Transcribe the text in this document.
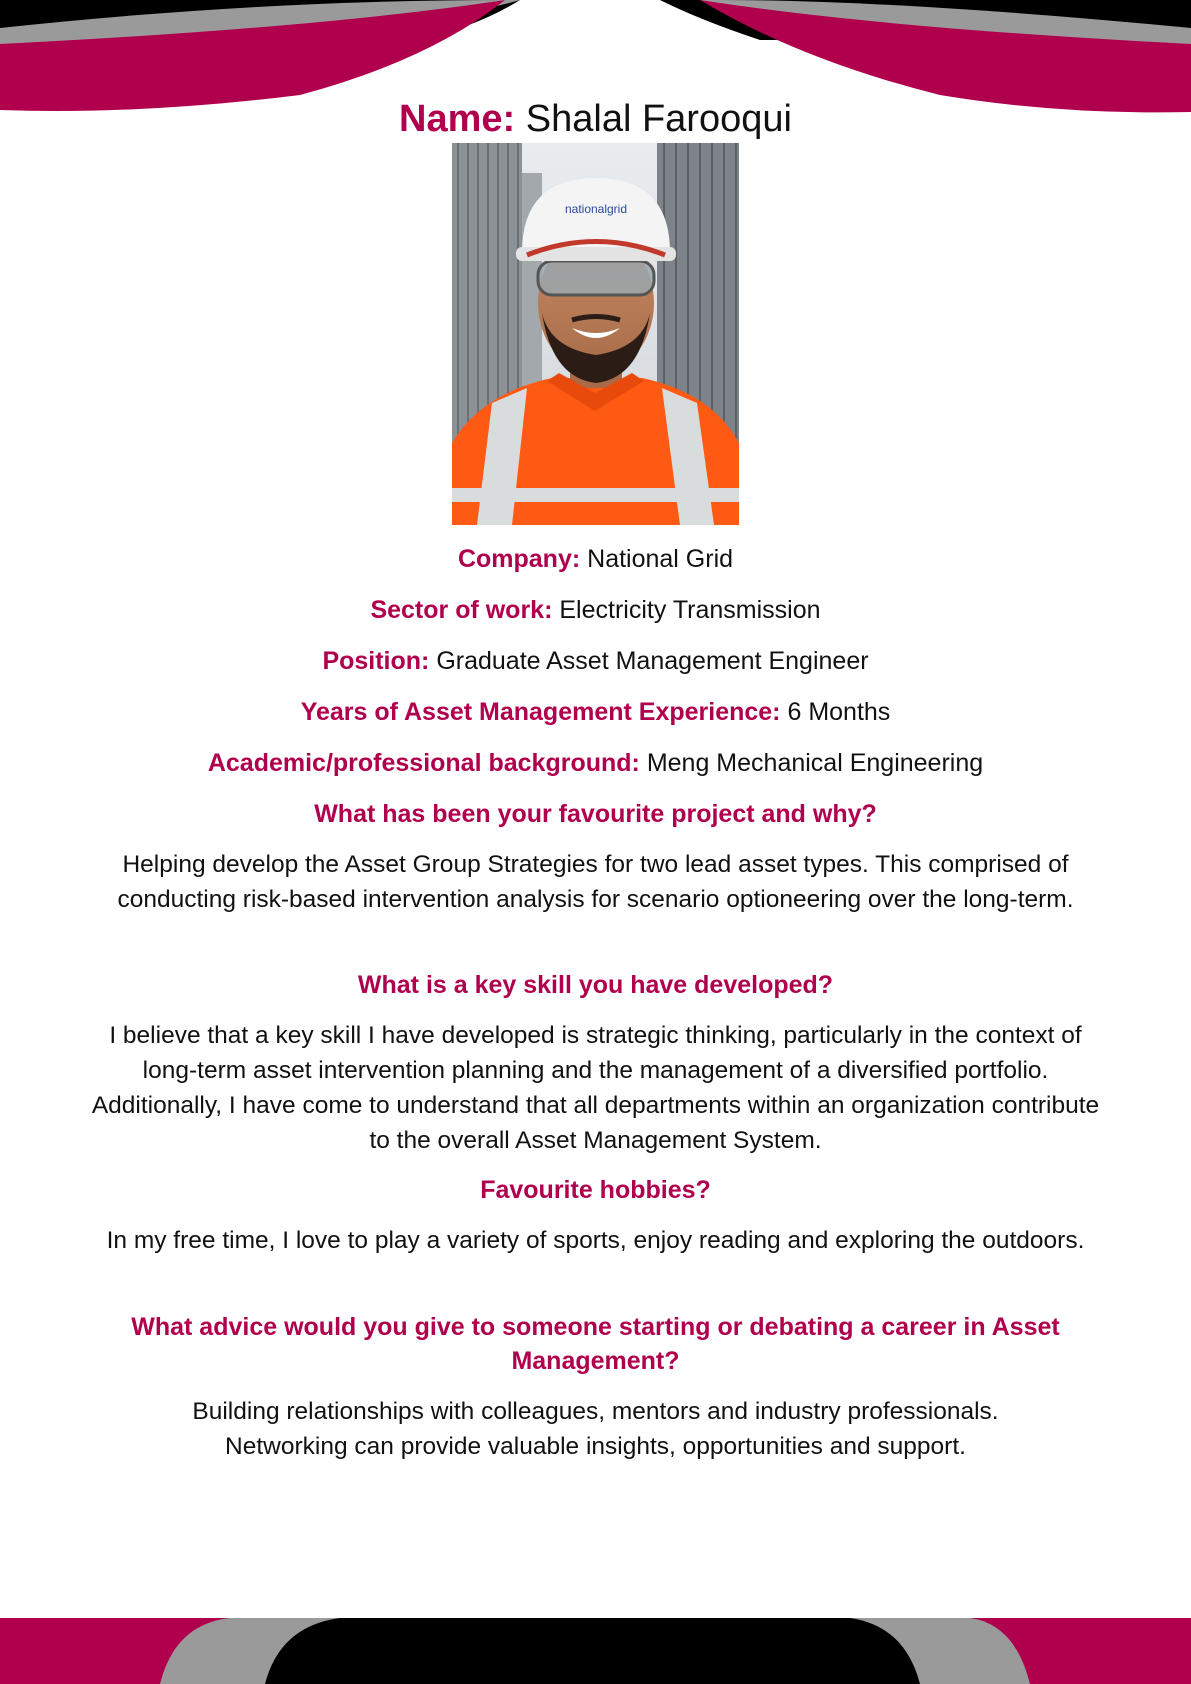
Name: Shalal Farooqui
nationalgrid
Company: National Grid
Sector of work: Electricity Transmission
Position: Graduate Asset Management Engineer
Years of Asset Management Experience: 6 Months
Academic/professional background: Meng Mechanical Engineering

What has been your favourite project and why?

Helping develop the Asset Group Strategies for two lead asset types. This comprised of conducting risk-based intervention analysis for scenario optioneering over the long-term.

What is a key skill you have developed?

I believe that a key skill I have developed is strategic thinking, particularly in the context of long-term asset intervention planning and the management of a diversified portfolio. Additionally, I have come to understand that all departments within an organization contribute to the overall Asset Management System.

Favourite hobbies?

In my free time, I love to play a variety of sports, enjoy reading and exploring the outdoors.

What advice would you give to someone starting or debating a career in Asset Management?

Building relationships with colleagues, mentors and industry professionals. Networking can provide valuable insights, opportunities and support.
